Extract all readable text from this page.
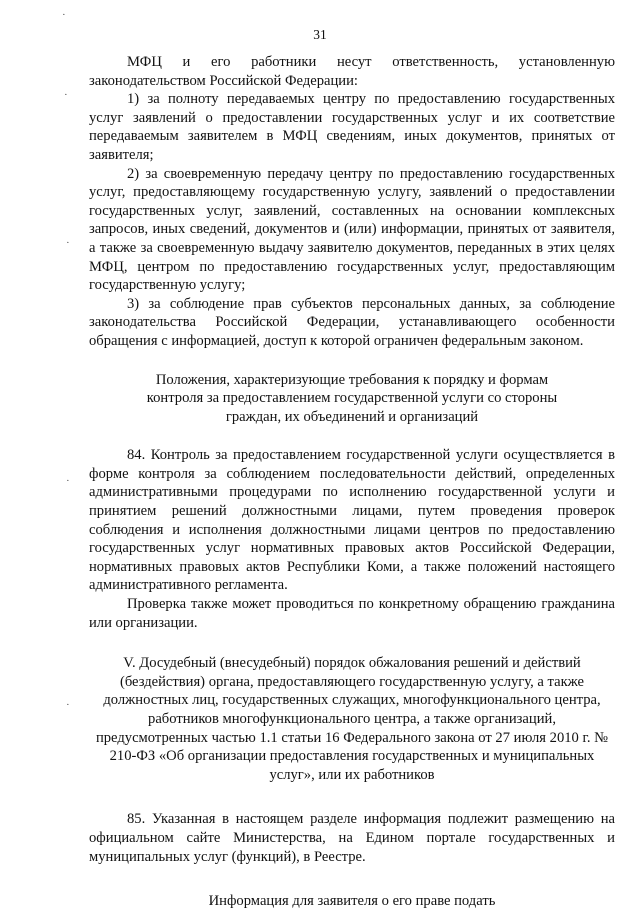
31
·
·
·
·
·

МФЦ и его работники несут ответственность, установленную законодательством Российской Федерации:

1) за полноту передаваемых центру по предоставлению государственных услуг заявлений о предоставлении государственных услуг и их соответствие передаваемым заявителем в МФЦ сведениям, иных документов, принятых от заявителя;

2) за своевременную передачу центру по предоставлению государственных услуг, предоставляющему государственную услугу, заявлений о предоставлении государственных услуг, заявлений, составленных на основании комплексных запросов, иных сведений, документов и (или) информации, принятых от заявителя, а также за своевременную выдачу заявителю документов, переданных в этих целях МФЦ, центром по предоставлению государственных услуг, предоставляющим государственную услугу;

3) за соблюдение прав субъектов персональных данных, за соблюдение законодательства Российской Федерации, устанавливающего особенности обращения с информацией, доступ к которой ограничен федеральным законом.

Положения, характеризующие требования к порядку и формам контроля за предоставлением государственной услуги со стороны граждан, их объединений и организаций

84. Контроль за предоставлением государственной услуги осуществляется в форме контроля за соблюдением последовательности действий, определенных административными процедурами по исполнению государственной услуги и принятием решений должностными лицами, путем проведения проверок соблюдения и исполнения должностными лицами центров по предоставлению государственных услуг нормативных правовых актов Российской Федерации, нормативных правовых актов Республики Коми, а также положений настоящего административного регламента.

Проверка также может проводиться по конкретному обращению гражданина или организации.

V. Досудебный (внесудебный) порядок обжалования решений и действий (бездействия) органа, предоставляющего государственную услугу, а также должностных лиц, государственных служащих, многофункционального центра, работников многофункционального центра, а также организаций, предусмотренных частью 1.1 статьи 16 Федерального закона от 27 июля 2010 г. № 210-ФЗ «Об организации предоставления государственных и муниципальных услуг», или их работников

85. Указанная в настоящем разделе информация подлежит размещению на официальном сайте Министерства, на Едином портале государственных и муниципальных услуг (функций), в Реестре.

Информация для заявителя о его праве подать
